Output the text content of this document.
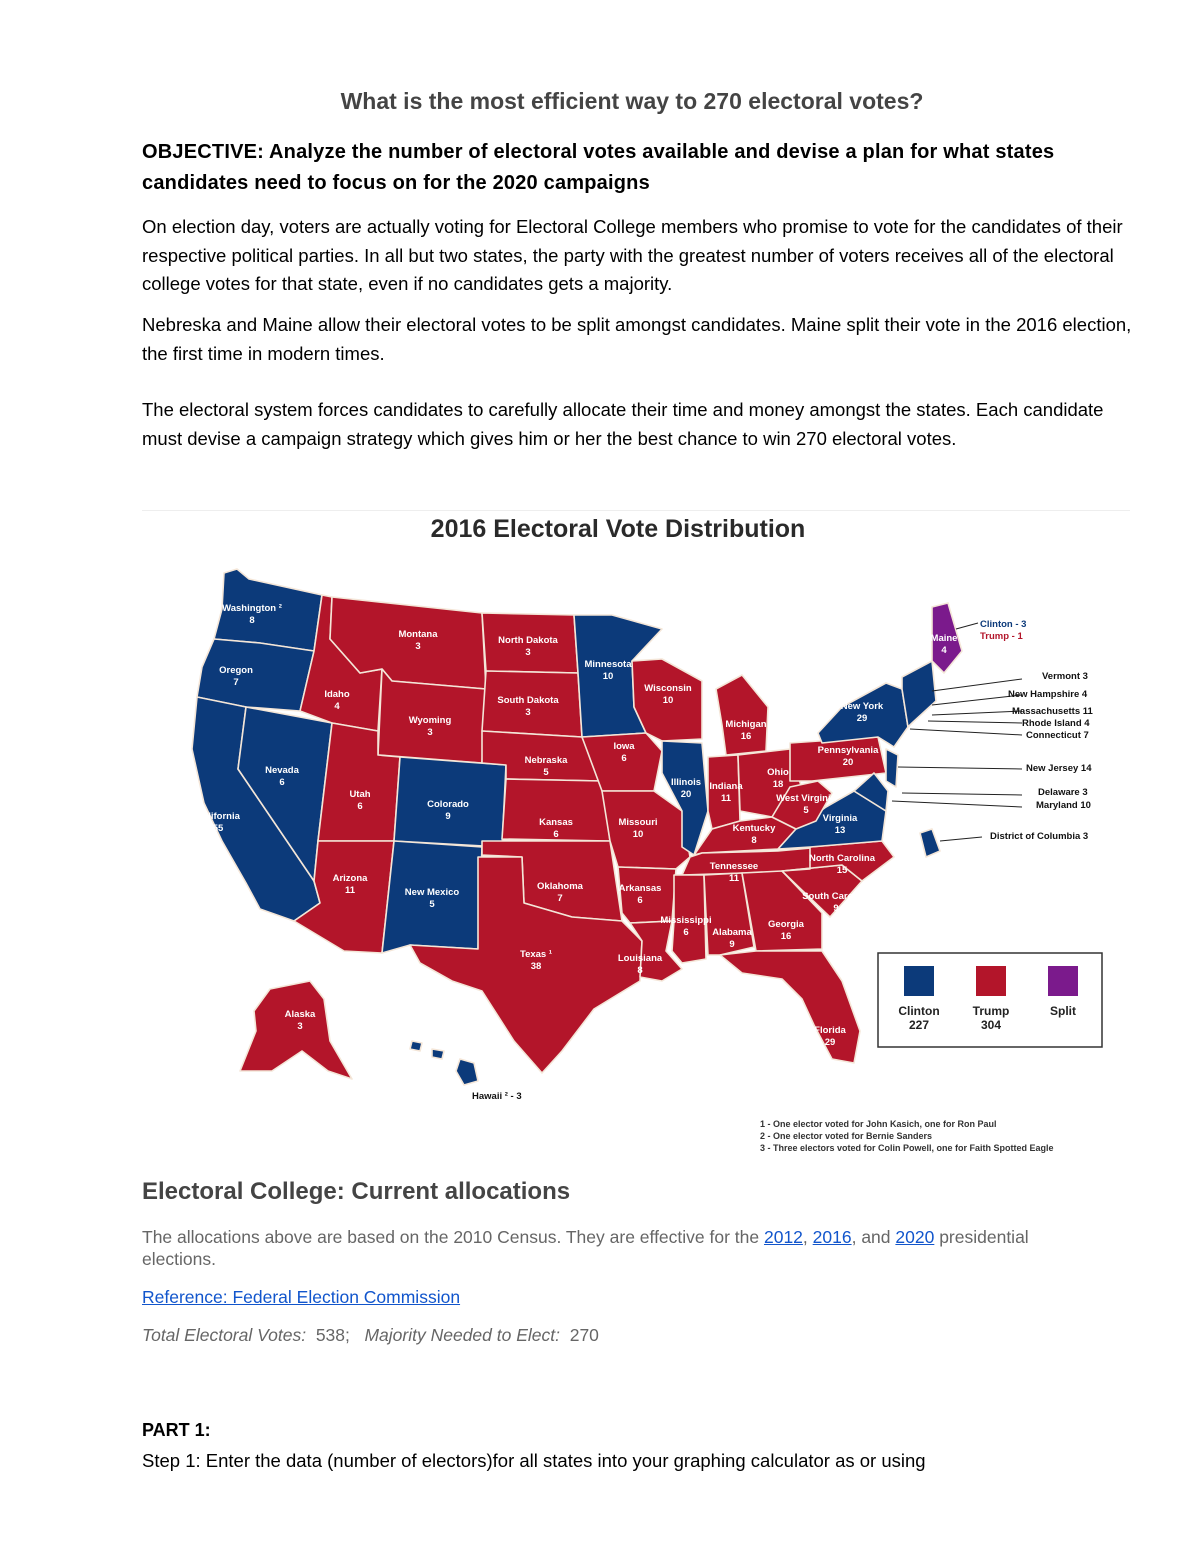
What is the most efficient way to 270 electoral votes?
OBJECTIVE: Analyze the number of electoral votes available and devise a plan for what states candidates need to focus on for the 2020 campaigns
On election day, voters are actually voting for Electoral College members who promise to vote for the candidates of their respective political parties. In all but two states, the party with the greatest number of voters receives all of the electoral college votes for that state, even if no candidates gets a majority.
Nebreska and Maine allow their electoral votes to be split amongst candidates. Maine split their vote in the 2016 election, the first time in modern times.
The electoral system forces candidates to carefully allocate their time and money amongst the states. Each candidate must devise a campaign strategy which gives him or her the best chance to win 270 electoral votes.
2016 Electoral Vote Distribution
Washington ²
8
Oregon
7
California
55
Nevada
6
Idaho
4
Montana
3
Wyoming
3
Utah
6	Colorado
9
Arizona
11	New Mexico
5
North Dakota
3
South Dakota
3
Nebraska
5
Kansas
6
Oklahoma
7
Texas ¹
38
Minnesota
10
Iowa
6
Missouri
10
Arkansas
6
Louisiana
8
Wisconsin
10
Illinois
20
Michigan
16
Indiana
11
Ohio
18
Kentucky
8
Tennessee
11
Mississippi
6 Alabama
9
Georgia
16
Florida
29
South Carolina
9
North Carolina
15
Virginia
13
West Virginia
5
Pennsylvania
20
New York
29
Maine
4
Alaska
3
Clinton - 3
Trump - 1
Vermont 3
New Hampshire 4
Massachusetts 11
Rhode Island 4
Connecticut 7
New Jersey 14
Delaware 3
Maryland 10
District of Columbia 3
Hawaii ² - 3
Clinton
227
Trump
304
Split
1 - One elector voted for John Kasich, one for Ron Paul
2 - One elector voted for Bernie Sanders
3 - Three electors voted for Colin Powell, one for Faith Spotted Eagle
Electoral College: Current allocations
The allocations above are based on the 2010 Census. They are effective for the 2012, 2016, and 2020 presidential elections.
Reference: Federal Election Commission
Total Electoral Votes: 538; Majority Needed to Elect: 270
PART 1:
Step 1: Enter the data (number of electors)for all states into your graphing calculator as or using
